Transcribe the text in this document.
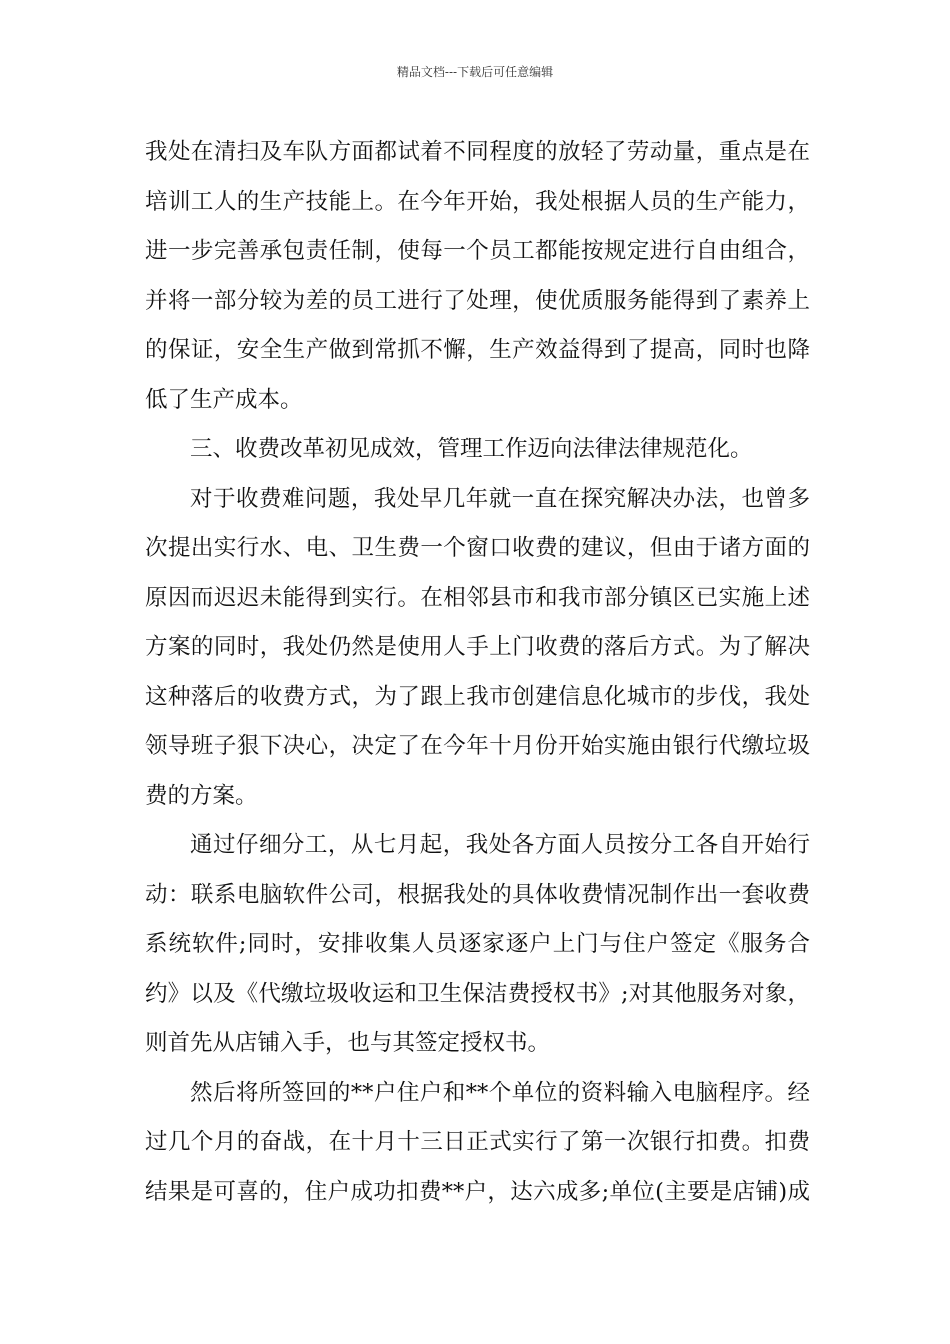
精品文档---下载后可任意编辑
我处在清扫及车队方面都试着不同程度的放轻了劳动量，重点是在
培训工人的生产技能上。在今年开始，我处根据人员的生产能力，
进一步完善承包责任制，使每一个员工都能按规定进行自由组合，
并将一部分较为差的员工进行了处理，使优质服务能得到了素养上
的保证，安全生产做到常抓不懈，生产效益得到了提高，同时也降
低了生产成本。
三、收费改革初见成效，管理工作迈向法律法律规范化。
对于收费难问题，我处早几年就一直在探究解决办法，也曾多
次提出实行水、电、卫生费一个窗口收费的建议，但由于诸方面的
原因而迟迟未能得到实行。在相邻县市和我市部分镇区已实施上述
方案的同时，我处仍然是使用人手上门收费的落后方式。为了解决
这种落后的收费方式，为了跟上我市创建信息化城市的步伐，我处
领导班子狠下决心，决定了在今年十月份开始实施由银行代缴垃圾
费的方案。
通过仔细分工，从七月起，我处各方面人员按分工各自开始行
动：联系电脑软件公司，根据我处的具体收费情况制作出一套收费
系统软件;同时，安排收集人员逐家逐户上门与住户签定《服务合
约》以及《代缴垃圾收运和卫生保洁费授权书》;对其他服务对象，
则首先从店铺入手，也与其签定授权书。
然后将所签回的**户住户和**个单位的资料输入电脑程序。经
过几个月的奋战，在十月十三日正式实行了第一次银行扣费。扣费
结果是可喜的，住户成功扣费**户，达六成多;单位(主要是店铺)成
